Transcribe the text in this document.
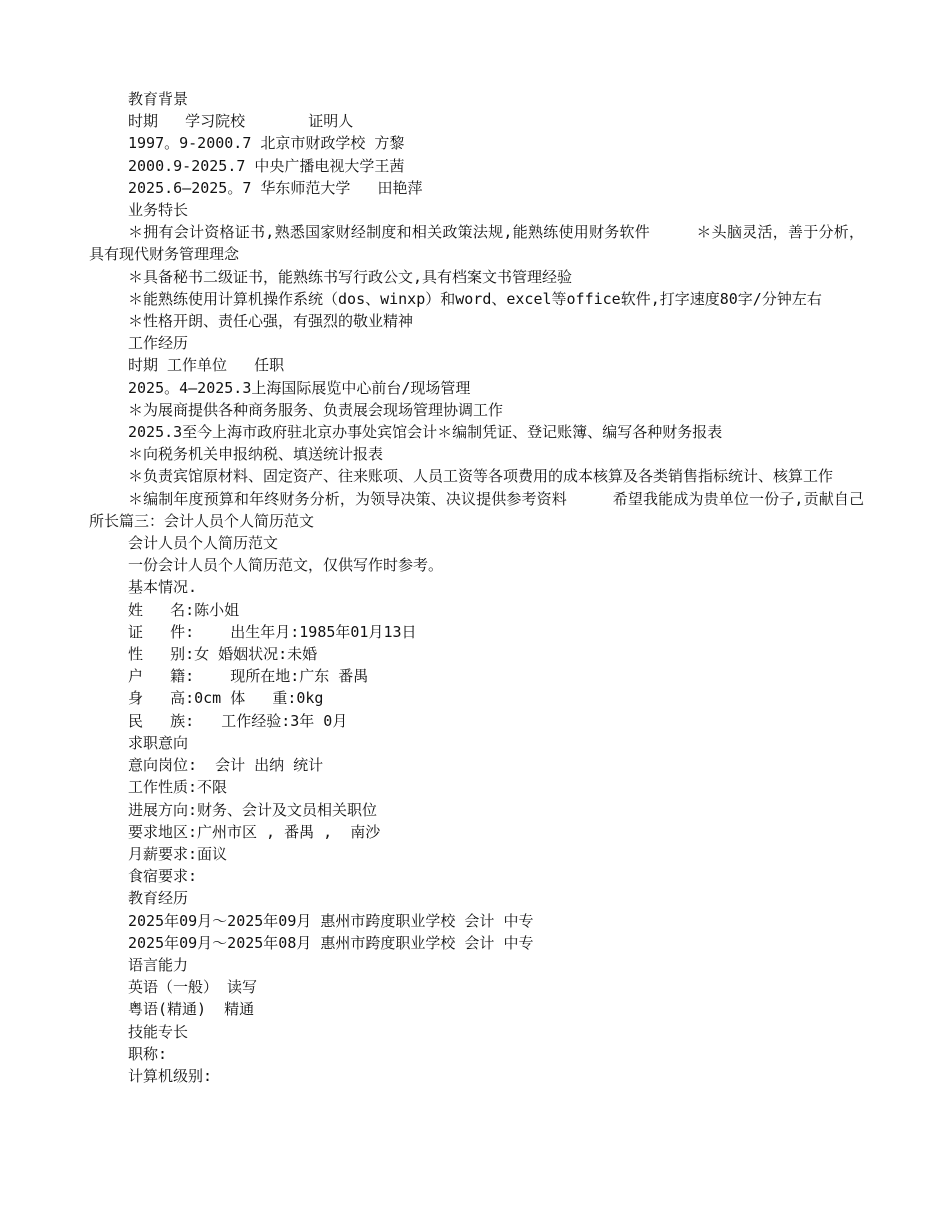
教育背景

时期   学习院校       证明人

1997。9-2000.7 北京市财政学校 方黎

2000.9-2025.7 中央广播电视大学王茜

2025.6—2025。7 华东师范大学   田艳萍

业务特长

＊拥有会计资格证书,熟悉国家财经制度和相关政策法规,能熟练使用财务软件     ＊头脑灵活，善于分析，具有现代财务管理理念

＊具备秘书二级证书，能熟练书写行政公文,具有档案文书管理经验

＊能熟练使用计算机操作系统（dos、winxp）和word、excel等office软件,打字速度80字/分钟左右

＊性格开朗、责任心强，有强烈的敬业精神

工作经历

时期 工作单位   任职

2025。4—2025.3上海国际展览中心前台/现场管理

＊为展商提供各种商务服务、负责展会现场管理协调工作

2025.3至今上海市政府驻北京办事处宾馆会计＊编制凭证、登记账簿、编写各种财务报表

＊向税务机关申报纳税、填送统计报表

＊负责宾馆原材料、固定资产、往来账项、人员工资等各项费用的成本核算及各类销售指标统计、核算工作

＊编制年度预算和年终财务分析，为领导决策、决议提供参考资料     希望我能成为贵单位一份子,贡献自己所长篇三：会计人员个人简历范文

会计人员个人简历范文

一份会计人员个人简历范文，仅供写作时参考。

基本情况.

姓   名:陈小姐

证   件:    出生年月:1985年01月13日

性   别:女 婚姻状况:未婚

户   籍:    现所在地:广东 番禺

身   高:0cm 体   重:0kg

民   族:   工作经验:3年 0月

求职意向

意向岗位:  会计 出纳 统计

工作性质:不限

进展方向:财务、会计及文员相关职位

要求地区:广州市区 , 番禺 ,  南沙

月薪要求:面议

食宿要求:

教育经历

2025年09月～2025年09月 惠州市跨度职业学校 会计 中专

2025年09月～2025年08月 惠州市跨度职业学校 会计 中专

语言能力

英语（一般） 读写

粤语(精通)  精通

技能专长

职称:

计算机级别:
